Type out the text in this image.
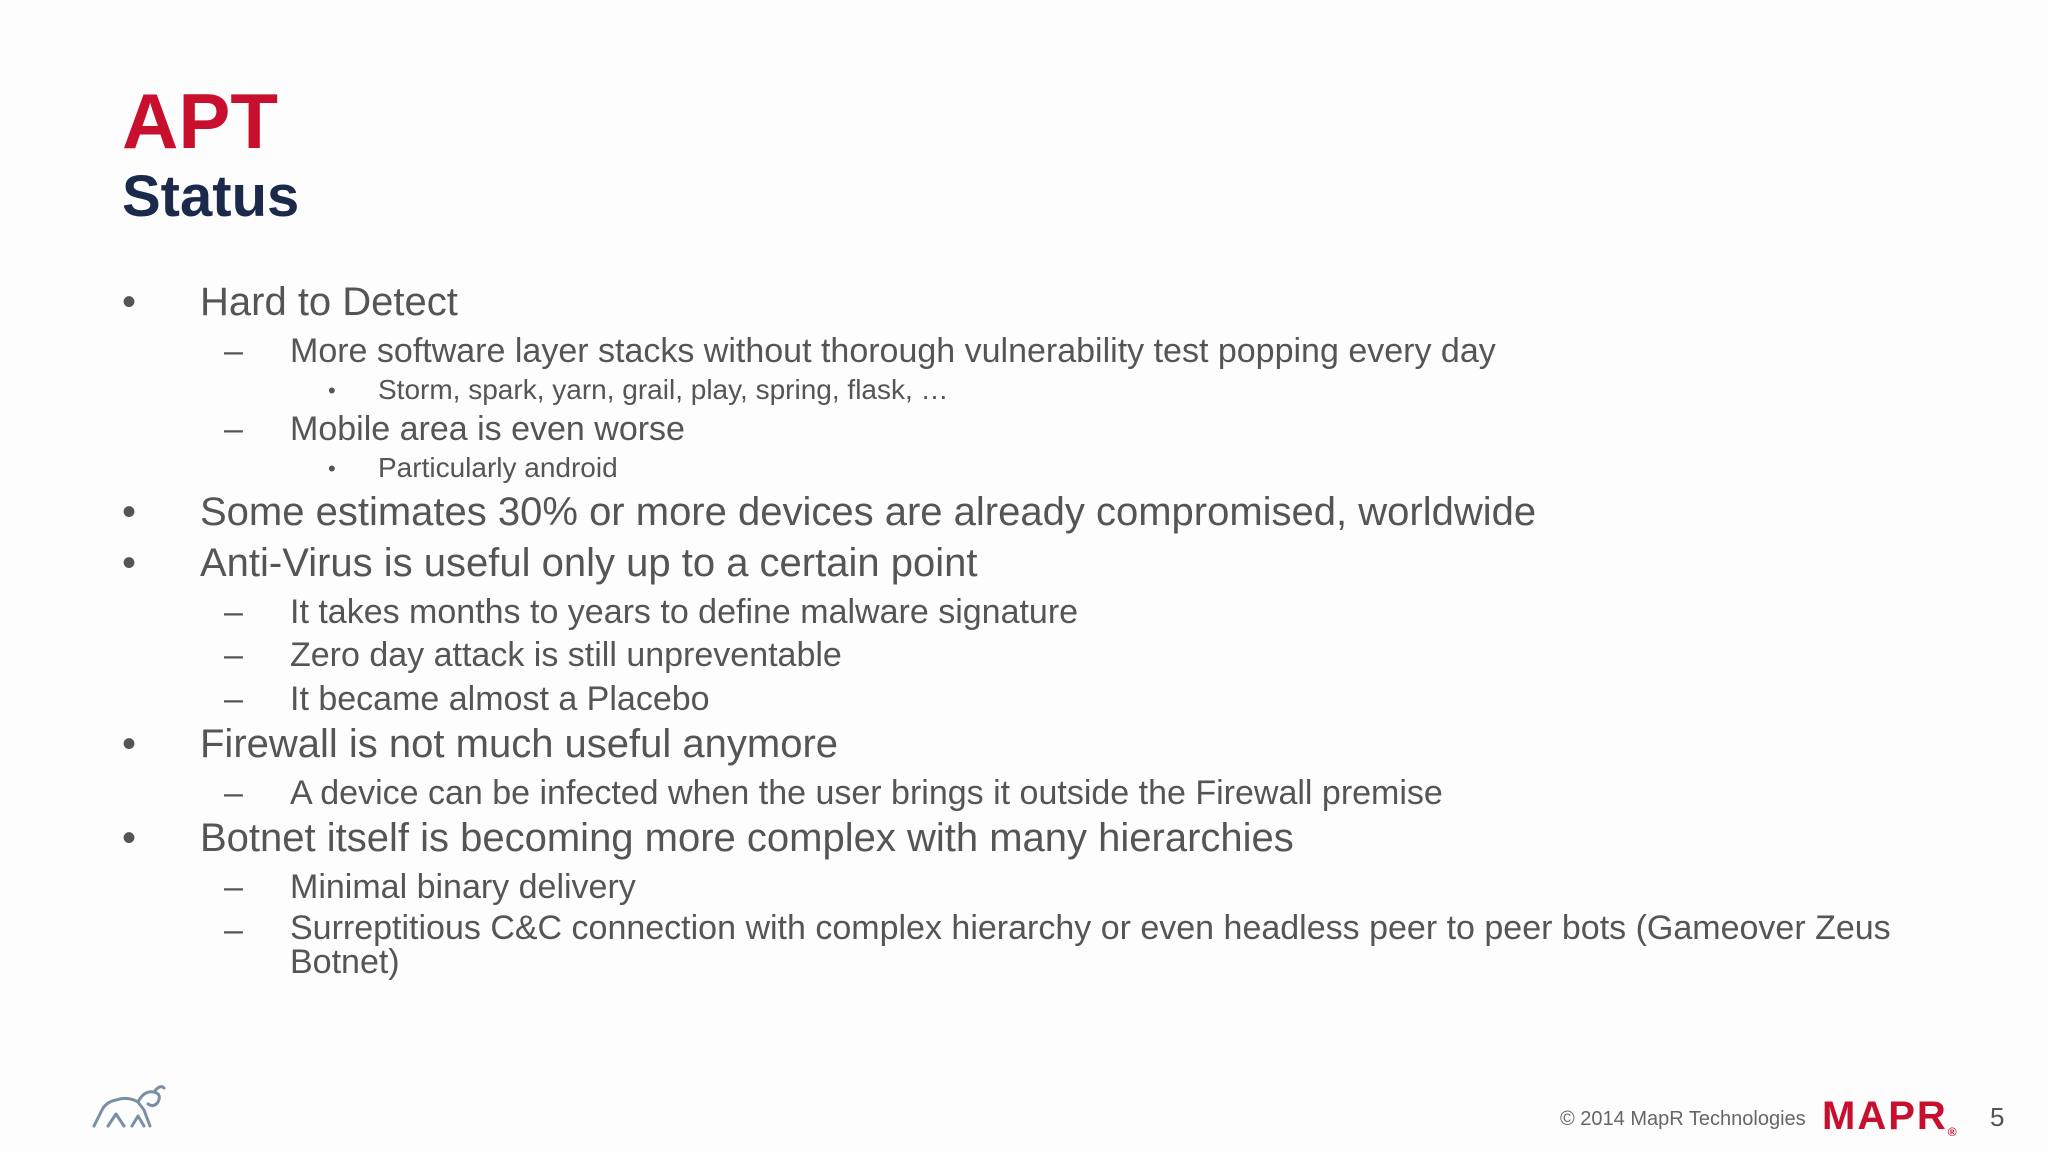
APT
Status
• Hard to Detect
– More software layer stacks without thorough vulnerability test popping every day
• Storm, spark, yarn, grail, play, spring, flask, …
– Mobile area is even worse
• Particularly android
• Some estimates 30% or more devices are already compromised, worldwide
• Anti-Virus is useful only up to a certain point
– It takes months to years to define malware signature
– Zero day attack is still unpreventable
– It became almost a Placebo
• Firewall is not much useful anymore
– A device can be infected when the user brings it outside the Firewall premise
• Botnet itself is becoming more complex with many hierarchies
– Minimal binary delivery
– Surreptitious C&C connection with complex hierarchy or even headless peer to peer bots (Gameover Zeus Botnet)
© 2014 MapR Technologies MAPR® 5
